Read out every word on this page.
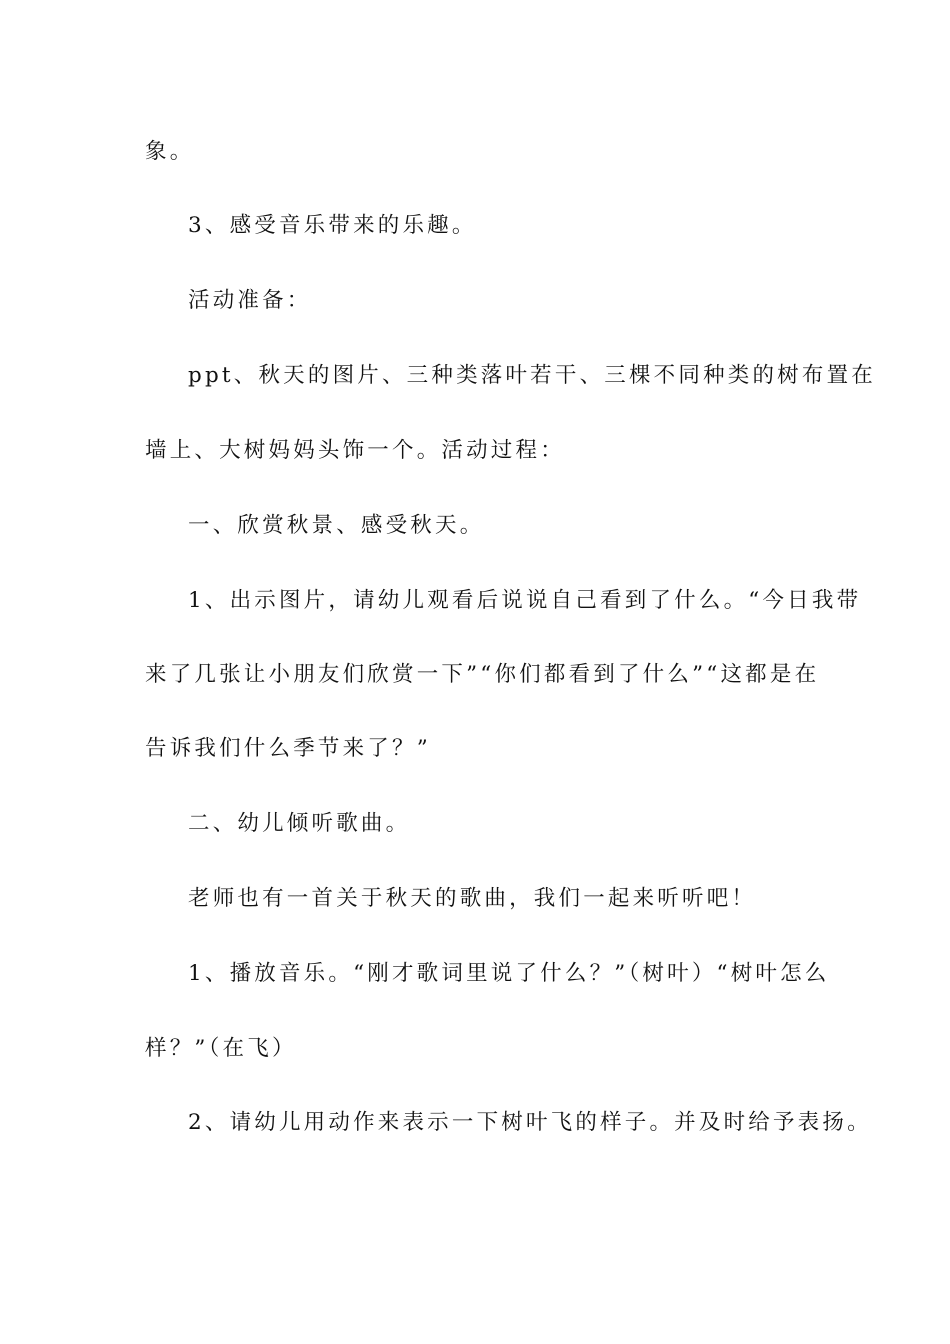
象。
3、感受音乐带来的乐趣。
活动准备：
ppt、秋天的图片、三种类落叶若干、三棵不同种类的树布置在
墙上、大树妈妈头饰一个。活动过程：
一、欣赏秋景、感受秋天。
1、出示图片，请幼儿观看后说说自己看到了什么。“今日我带
来了几张让小朋友们欣赏一下”“你们都看到了什么”“这都是在
告诉我们什么季节来了？”
二、幼儿倾听歌曲。
老师也有一首关于秋天的歌曲，我们一起来听听吧！
1、播放音乐。“刚才歌词里说了什么？”（树叶）“树叶怎么
样？”（在飞）
2、请幼儿用动作来表示一下树叶飞的样子。并及时给予表扬。
